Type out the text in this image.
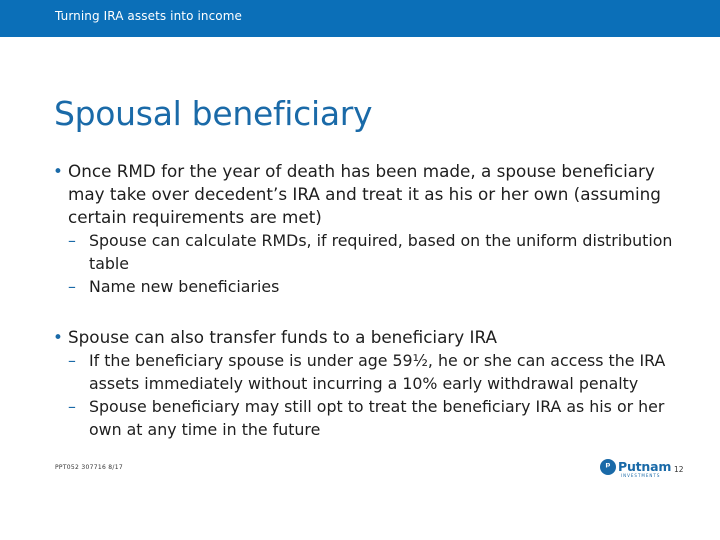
Turning IRA assets into income
Spousal beneficiary
• Once RMD for the year of death has been made, a spouse beneficiary may take over decedent’s IRA and treat it as his or her own (assuming certain requirements are met)
– Spouse can calculate RMDs, if required, based on the uniform distribution table
– Name new beneficiaries
• Spouse can also transfer funds to a beneficiary IRA
– If the beneficiary spouse is under age 59½, he or she can access the IRA assets immediately without incurring a 10% early withdrawal penalty
– Spouse beneficiary may still opt to treat the beneficiary IRA as his or her own at any time in the future
PPT052 307716 8/17	ᵖ Putnam
INVESTMENTS
12
